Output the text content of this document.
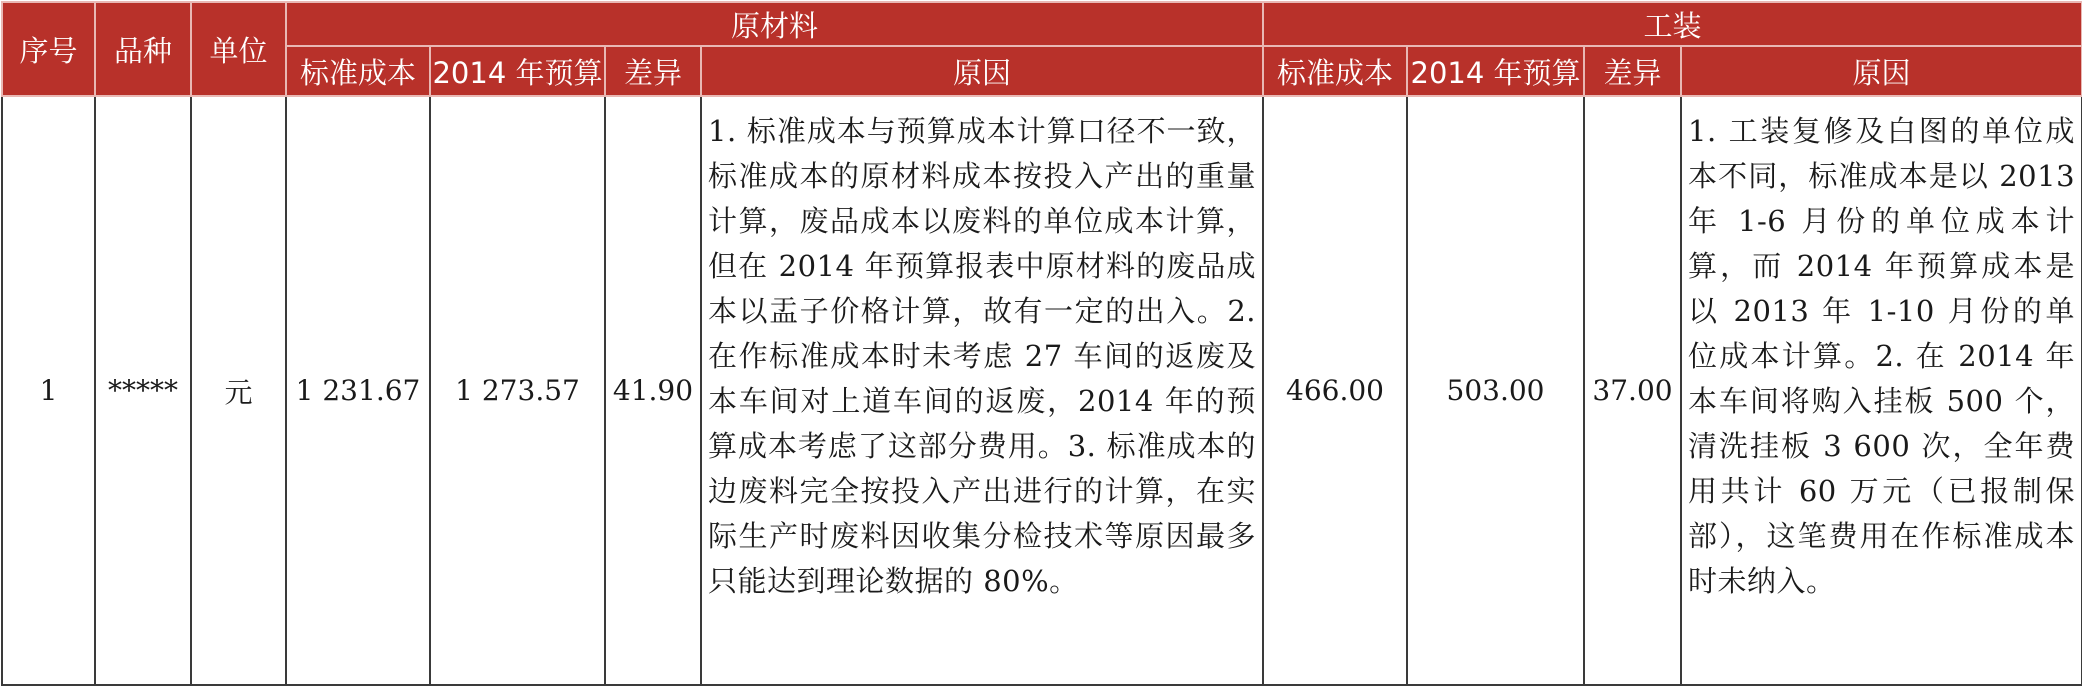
序号	品种	单位	原材料				工装			
			标准成本	2014 年预算	差异	原因	标准成本	2014 年预算	差异	原因
1	*****	元	1 231.67	1 273.57	41.90	1. 标准成本与预算成本计算口径不一致，标准成本的原材料成本按投入产出的重量计算，废品成本以废料的单位成本计算，但在 2014 年预算报表中原材料的废品成本以盂子价格计算，故有一定的出入。2. 在作标准成本时未考虑 27 车间的返废及本车间对上道车间的返废，2014 年的预算成本考虑了这部分费用。3. 标准成本的边废料完全按投入产出进行的计算，在实际生产时废料因收集分检技术等原因最多只能达到理论数据的 80%。	466.00	503.00	37.00	1. 工装复修及白图的单位成本不同，标准成本是以 2013 年 1-6 月份的单位成本计算，而 2014 年预算成本是以 2013 年 1-10 月份的单位成本计算。2. 在 2014 年本车间将购入挂板 500 个，清洗挂板 3 600 次，全年费用共计 60 万元（已报制保部），这笔费用在作标准成本时未纳入。
